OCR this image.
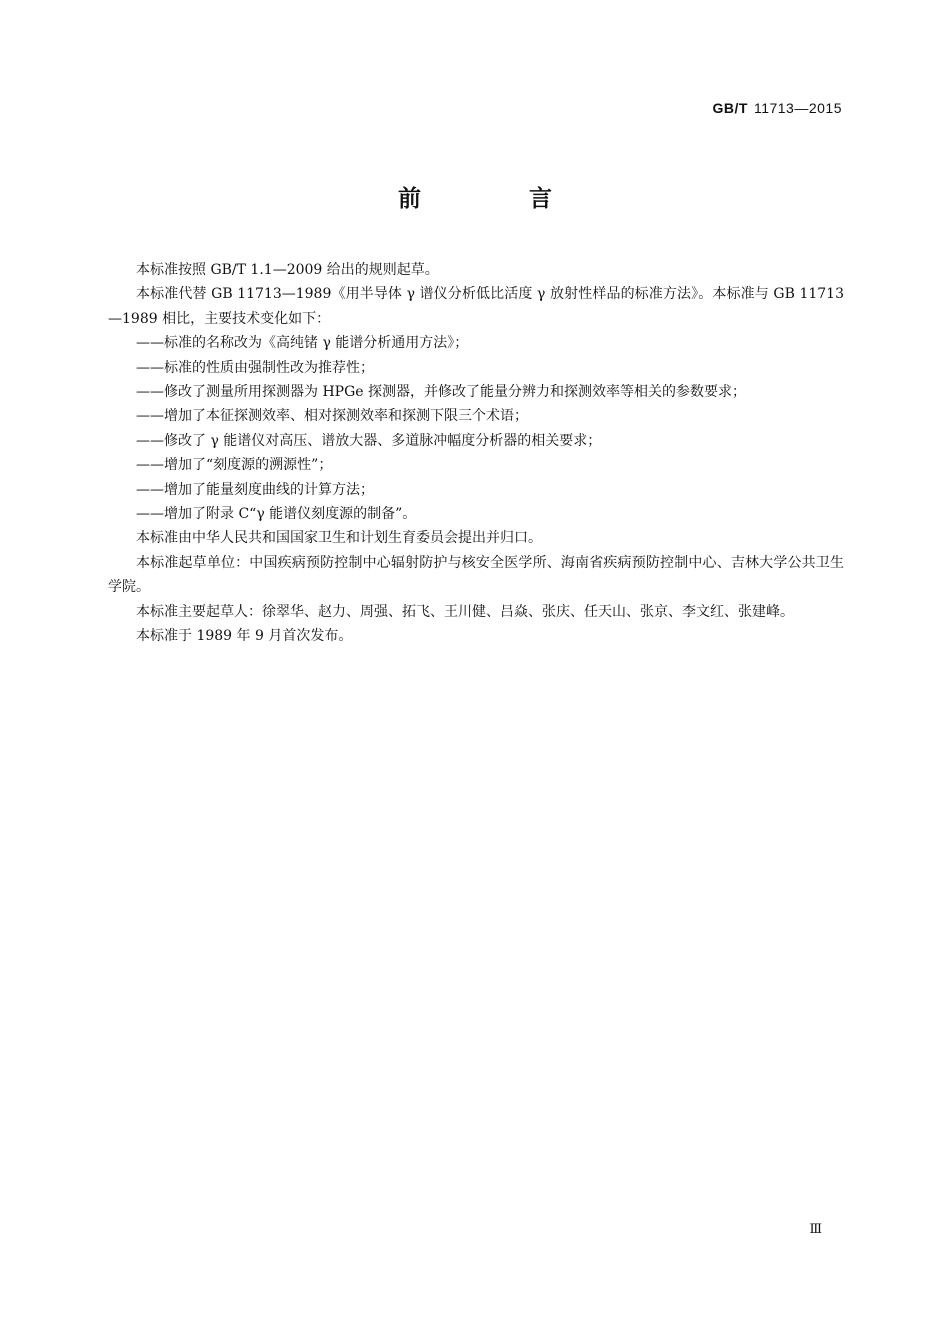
GB/T 11713—2015
前 言

本标准按照 GB/T 1.1—2009 给出的规则起草。

本标准代替 GB 11713—1989《用半导体 γ 谱仪分析低比活度 γ 放射性样品的标准方法》。本标准与 GB 11713—1989 相比，主要技术变化如下：

——标准的名称改为《高纯锗 γ 能谱分析通用方法》；

——标准的性质由强制性改为推荐性；

——修改了测量所用探测器为 HPGe 探测器，并修改了能量分辨力和探测效率等相关的参数要求；

——增加了本征探测效率、相对探测效率和探测下限三个术语；

——修改了 γ 能谱仪对高压、谱放大器、多道脉冲幅度分析器的相关要求；

——增加了“刻度源的溯源性”；

——增加了能量刻度曲线的计算方法；

——增加了附录 C“γ 能谱仪刻度源的制备”。

本标准由中华人民共和国国家卫生和计划生育委员会提出并归口。

本标准起草单位：中国疾病预防控制中心辐射防护与核安全医学所、海南省疾病预防控制中心、吉林大学公共卫生学院。

本标准主要起草人：徐翠华、赵力、周强、拓飞、王川健、吕焱、张庆、任天山、张京、李文红、张建峰。

本标准于 1989 年 9 月首次发布。

Ⅲ
